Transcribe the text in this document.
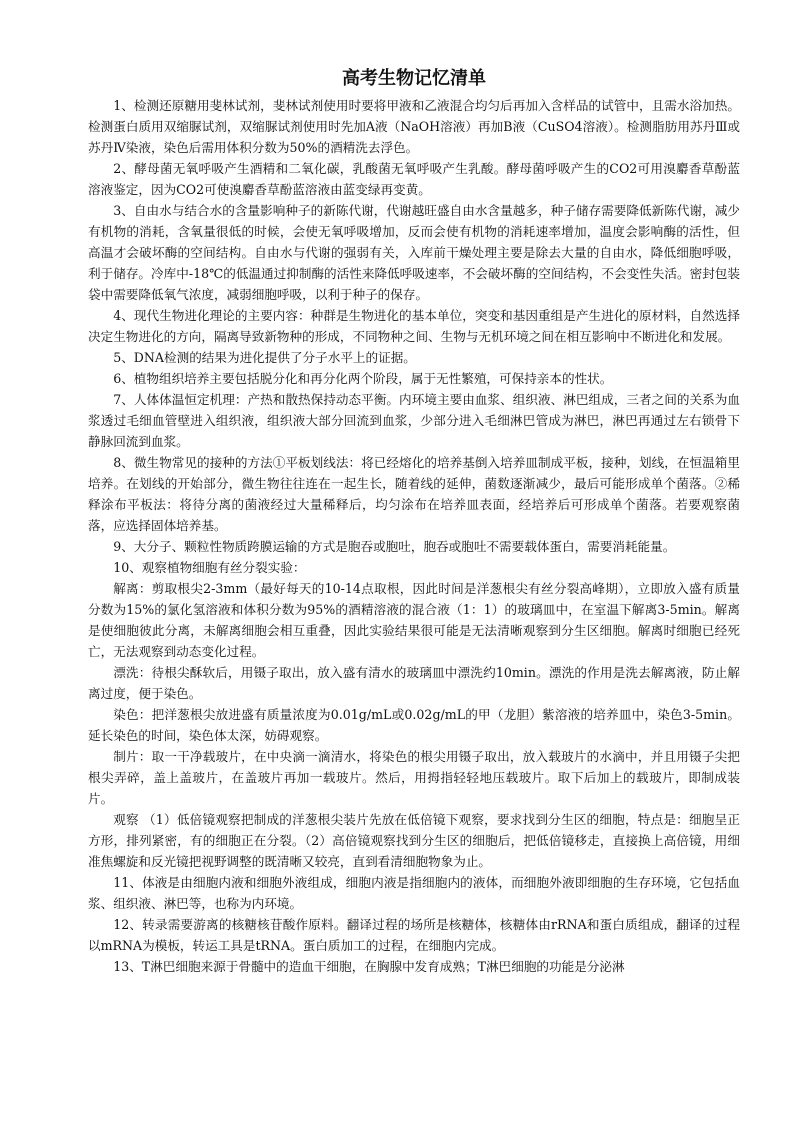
高考生物记忆清单

1、检测还原糖用斐林试剂，斐林试剂使用时要将甲液和乙液混合均匀后再加入含样品的试管中，且需水浴加热。检测蛋白质用双缩脲试剂，双缩脲试剂使用时先加A液（NaOH溶液）再加B液（CuSO4溶液）。检测脂肪用苏丹Ⅲ或苏丹Ⅳ染液，染色后需用体积分数为50%的酒精洗去浮色。

2、酵母菌无氧呼吸产生酒精和二氧化碳，乳酸菌无氧呼吸产生乳酸。酵母菌呼吸产生的CO2可用溴麝香草酚蓝溶液鉴定，因为CO2可使溴麝香草酚蓝溶液由蓝变绿再变黄。

3、自由水与结合水的含量影响种子的新陈代谢，代谢越旺盛自由水含量越多，种子储存需要降低新陈代谢，减少有机物的消耗，含氧量很低的时候，会使无氧呼吸增加，反而会使有机物的消耗速率增加，温度会影响酶的活性，但高温才会破坏酶的空间结构。自由水与代谢的强弱有关，入库前干燥处理主要是除去大量的自由水，降低细胞呼吸，利于储存。冷库中-18℃的低温通过抑制酶的活性来降低呼吸速率，不会破坏酶的空间结构，不会变性失活。密封包装袋中需要降低氧气浓度，减弱细胞呼吸，以利于种子的保存。

4、现代生物进化理论的主要内容：种群是生物进化的基本单位，突变和基因重组是产生进化的原材料，自然选择决定生物进化的方向，隔离导致新物种的形成，不同物种之间、生物与无机环境之间在相互影响中不断进化和发展。

5、DNA检测的结果为进化提供了分子水平上的证据。

6、植物组织培养主要包括脱分化和再分化两个阶段，属于无性繁殖，可保持亲本的性状。

7、人体体温恒定机理：产热和散热保持动态平衡。内环境主要由血浆、组织液、淋巴组成，三者之间的关系为血浆透过毛细血管壁进入组织液，组织液大部分回流到血浆，少部分进入毛细淋巴管成为淋巴，淋巴再通过左右锁骨下静脉回流到血浆。

8、微生物常见的接种的方法①平板划线法：将已经熔化的培养基倒入培养皿制成平板，接种，划线，在恒温箱里培养。在划线的开始部分，微生物往往连在一起生长，随着线的延伸，菌数逐渐减少，最后可能形成单个菌落。②稀释涂布平板法：将待分离的菌液经过大量稀释后，均匀涂布在培养皿表面，经培养后可形成单个菌落。若要观察菌落，应选择固体培养基。

9、大分子、颗粒性物质跨膜运输的方式是胞吞或胞吐，胞吞或胞吐不需要载体蛋白，需要消耗能量。

10、观察植物细胞有丝分裂实验：

解离：剪取根尖2-3mm（最好每天的10-14点取根，因此时间是洋葱根尖有丝分裂高峰期），立即放入盛有质量分数为15%的氯化氢溶液和体积分数为95%的酒精溶液的混合液（1：1）的玻璃皿中，在室温下解离3-5min。解离是使细胞彼此分离，未解离细胞会相互重叠，因此实验结果很可能是无法清晰观察到分生区细胞。解离时细胞已经死亡，无法观察到动态变化过程。

漂洗：待根尖酥软后，用镊子取出，放入盛有清水的玻璃皿中漂洗约10min。漂洗的作用是洗去解离液，防止解离过度，便于染色。

染色：把洋葱根尖放进盛有质量浓度为0.01g/mL或0.02g/mL的甲（龙胆）紫溶液的培养皿中，染色3-5min。延长染色的时间，染色体太深，妨碍观察。

制片：取一干净载玻片，在中央滴一滴清水，将染色的根尖用镊子取出，放入载玻片的水滴中，并且用镊子尖把根尖弄碎，盖上盖玻片，在盖玻片再加一载玻片。然后，用拇指轻轻地压载玻片。取下后加上的载玻片，即制成装片。

观察 （1）低倍镜观察把制成的洋葱根尖装片先放在低倍镜下观察，要求找到分生区的细胞，特点是：细胞呈正方形，排列紧密，有的细胞正在分裂。（2）高倍镜观察找到分生区的细胞后，把低倍镜移走，直接换上高倍镜，用细准焦螺旋和反光镜把视野调整的既清晰又较亮，直到看清细胞物象为止。

11、体液是由细胞内液和细胞外液组成，细胞内液是指细胞内的液体，而细胞外液即细胞的生存环境，它包括血浆、组织液、淋巴等，也称为内环境。

12、转录需要游离的核糖核苷酸作原料。翻译过程的场所是核糖体，核糖体由rRNA和蛋白质组成，翻译的过程以mRNA为模板，转运工具是tRNA。蛋白质加工的过程，在细胞内完成。

13、T淋巴细胞来源于骨髓中的造血干细胞，在胸腺中发育成熟；T淋巴细胞的功能是分泌淋
